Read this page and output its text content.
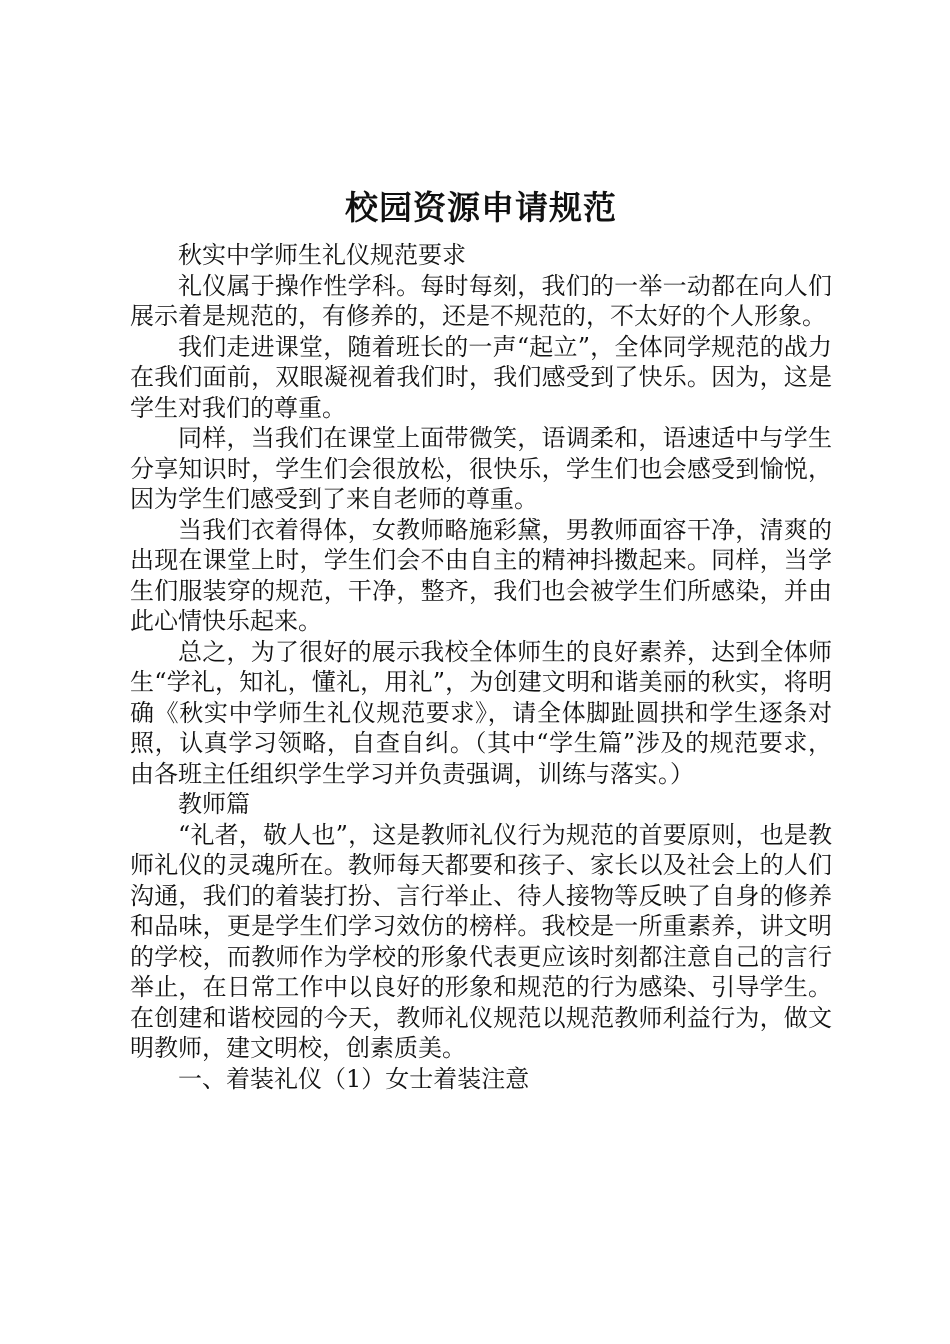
校园资源申请规范

秋实中学师生礼仪规范要求

礼仪属于操作性学科。每时每刻，我们的一举一动都在向人们展示着是规范的，有修养的，还是不规范的，不太好的个人形象。

我们走进课堂，随着班长的一声“起立”，全体同学规范的战力在我们面前，双眼凝视着我们时，我们感受到了快乐。因为，这是学生对我们的尊重。

同样，当我们在课堂上面带微笑，语调柔和，语速适中与学生分享知识时，学生们会很放松，很快乐，学生们也会感受到愉悦，因为学生们感受到了来自老师的尊重。

当我们衣着得体，女教师略施彩黛，男教师面容干净，清爽的出现在课堂上时，学生们会不由自主的精神抖擞起来。同样，当学生们服装穿的规范，干净，整齐，我们也会被学生们所感染，并由此心情快乐起来。

总之，为了很好的展示我校全体师生的良好素养，达到全体师生“学礼，知礼，懂礼，用礼”，为创建文明和谐美丽的秋实，将明确《秋实中学师生礼仪规范要求》，请全体脚趾圆拱和学生逐条对照，认真学习领略，自查自纠。（其中“学生篇”涉及的规范要求，由各班主任组织学生学习并负责强调，训练与落实。）

教师篇

“礼者，敬人也”，这是教师礼仪行为规范的首要原则，也是教师礼仪的灵魂所在。教师每天都要和孩子、家长以及社会上的人们沟通，我们的着装打扮、言行举止、待人接物等反映了自身的修养和品味，更是学生们学习效仿的榜样。我校是一所重素养，讲文明的学校，而教师作为学校的形象代表更应该时刻都注意自己的言行举止，在日常工作中以良好的形象和规范的行为感染、引导学生。在创建和谐校园的今天，教师礼仪规范以规范教师利益行为，做文明教师，建文明校，创素质美。

一、着装礼仪（1）女士着装注意
